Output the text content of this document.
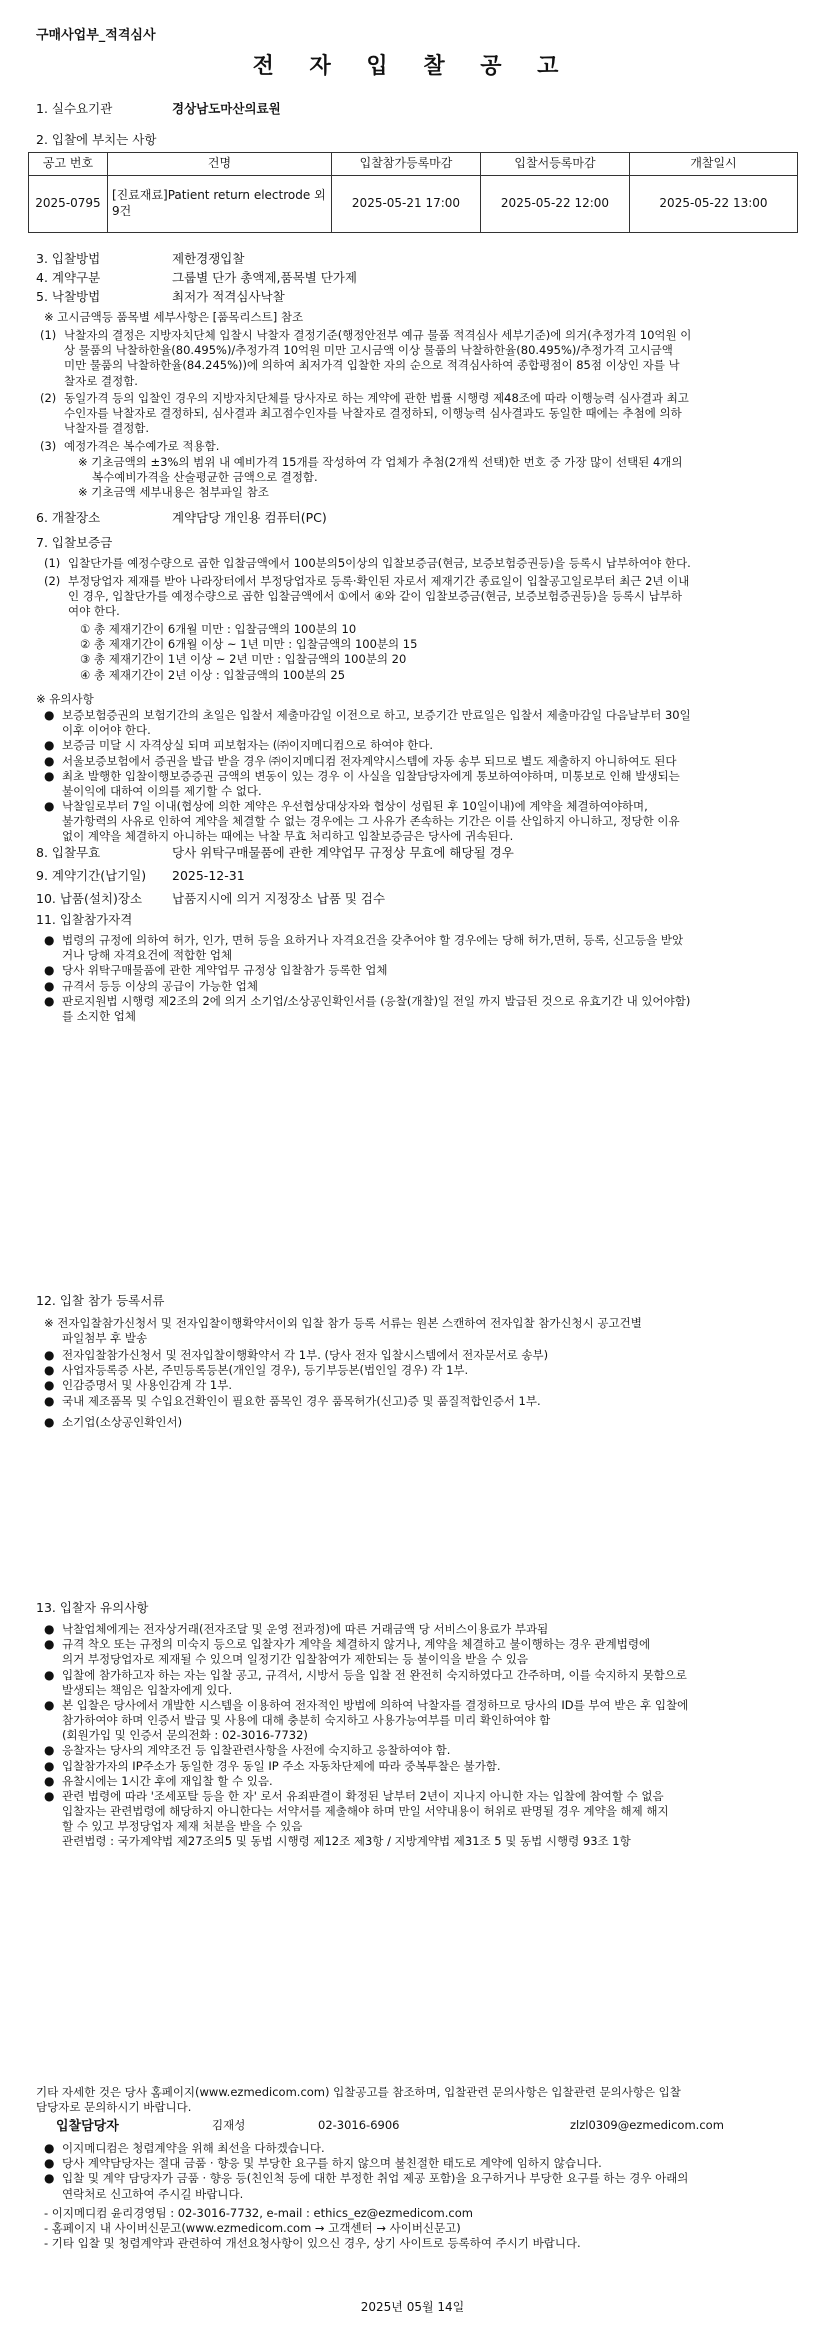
구매사업부_적격심사
전 자 입 찰 공 고
1. 실수요기관	경상남도마산의료원
2. 입찰에 부치는 사항
공고 번호	건명	입찰참가등록마감	입찰서등록마감	개찰일시
2025-0795	[진료재료]Patient return electrode 외 9건	2025-05-21 17:00	2025-05-22 12:00	2025-05-22 13:00
3. 입찰방법	제한경쟁입찰
4. 계약구분	그룹별 단가 총액제,품목별 단가제
5. 낙찰방법	최저가 적격심사낙찰
※ 고시금액등 품목별 세부사항은 [품목리스트] 참조
(1) 낙찰자의 결정은 지방자치단체 입찰시 낙찰자 결정기준(행정안전부 예규 물품 적격심사 세부기준)에 의거(추정가격 10억원 이
상 물품의 낙찰하한율(80.495%)/추정가격 10억원 미만 고시금액 이상 물품의 낙찰하한율(80.495%)/추정가격 고시금액
미만 물품의 낙찰하한율(84.245%))에 의하여 최저가격 입찰한 자의 순으로 적격심사하여 종합평점이 85점 이상인 자를 낙
찰자로 결정함.
(2) 동일가격 등의 입찰인 경우의 지방자치단체를 당사자로 하는 계약에 관한 법률 시행령 제48조에 따라 이행능력 심사결과 최고
수인자를 낙찰자로 결정하되, 심사결과 최고점수인자를 낙찰자로 결정하되, 이행능력 심사결과도 동일한 때에는 추첨에 의하
낙찰자를 결정함.
(3) 예정가격은 복수예가로 적용함.
※ 기초금액의 ±3%의 범위 내 예비가격 15개를 작성하여 각 업체가 추첨(2개씩 선택)한 번호 중 가장 많이 선택된 4개의
복수예비가격을 산술평균한 금액으로 결정함.
※ 기초금액 세부내용은 첨부파일 참조
6. 개찰장소	계약담당 개인용 컴퓨터(PC)
7. 입찰보증금
(1) 입찰단가를 예정수량으로 곱한 입찰금액에서 100분의5이상의 입찰보증금(현금, 보증보험증권등)을 등록시 납부하여야 한다.
(2) 부정당업자 제재를 받아 나라장터에서 부정당업자로 등록·확인된 자로서 제재기간 종료일이 입찰공고일로부터 최근 2년 이내
인 경우, 입찰단가를 예정수량으로 곱한 입찰금액에서 ①에서 ④와 같이 입찰보증금(현금, 보증보험증권등)을 등록시 납부하
여야 한다.
① 총 제재기간이 6개월 미만 : 입찰금액의 100분의 10
② 총 제재기간이 6개월 이상 ~ 1년 미만 : 입찰금액의 100분의 15
③ 총 제재기간이 1년 이상 ~ 2년 미만 : 입찰금액의 100분의 20
④ 총 제재기간이 2년 이상 : 입찰금액의 100분의 25
※ 유의사항
● 보증보험증권의 보험기간의 초일은 입찰서 제출마감일 이전으로 하고, 보증기간 만료일은 입찰서 제출마감일 다음날부터 30일
이후 이어야 한다.
● 보증금 미달 시 자격상실 되며 피보험자는 (㈜이지메디컴으로 하여야 한다.
● 서울보증보험에서 증권을 발급 받을 경우 ㈜이지메디컴 전자계약시스템에 자동 송부 되므로 별도 제출하지 아니하여도 된다
● 최초 발행한 입찰이행보증증권 금액의 변동이 있는 경우 이 사실을 입찰담당자에게 통보하여야하며, 미통보로 인해 발생되는
불이익에 대하여 이의를 제기할 수 없다.
● 낙찰일로부터 7일 이내(협상에 의한 계약은 우선협상대상자와 협상이 성립된 후 10일이내)에 계약을 체결하여야하며,
불가항력의 사유로 인하여 계약을 체결할 수 없는 경우에는 그 사유가 존속하는 기간은 이를 산입하지 아니하고, 정당한 이유
없이 계약을 체결하지 아니하는 때에는 낙찰 무효 처리하고 입찰보증금은 당사에 귀속된다.
8. 입찰무효	당사 위탁구매물품에 관한 계약업무 규정상 무효에 해당될 경우
9. 계약기간(납기일) 2025-12-31
10. 납품(설치)장소 납품지시에 의거 지정장소 납품 및 검수
11. 입찰참가자격
● 법령의 규정에 의하여 허가, 인가, 면허 등을 요하거나 자격요건을 갖추어야 할 경우에는 당해 허가,면허, 등록, 신고등을 받았
거나 당해 자격요건에 적합한 업체
● 당사 위탁구매물품에 관한 계약업무 규정상 입찰참가 등록한 업체
● 규격서 등등 이상의 공급이 가능한 업체
● 판로지원법 시행령 제2조의 2에 의거 소기업/소상공인확인서를 (응찰(개찰)일 전일 까지 발급된 것으로 유효기간 내 있어야함)
를 소지한 업체
12. 입찰 참가 등록서류
※ 전자입찰참가신청서 및 전자입찰이행확약서이외 입찰 참가 등록 서류는 원본 스캔하여 전자입찰 참가신청시 공고건별
파일첨부 후 발송
● 전자입찰참가신청서 및 전자입찰이행확약서 각 1부. (당사 전자 입찰시스템에서 전자문서로 송부)
● 사업자등록증 사본, 주민등록등본(개인일 경우), 등기부등본(법인일 경우) 각 1부.
● 인감증명서 및 사용인감계 각 1부.
● 국내 제조품목 및 수입요건확인이 필요한 품목인 경우 품목허가(신고)증 및 품질적합인증서 1부.
● 소기업(소상공인확인서)
13. 입찰자 유의사항
● 낙찰업체에게는 전자상거래(전자조달 및 운영 전과정)에 따른 거래금액 당 서비스이용료가 부과됨
● 규격 착오 또는 규정의 미숙지 등으로 입찰자가 계약을 체결하지 않거나, 계약을 체결하고 불이행하는 경우 관계법령에
의거 부정당업자로 제재될 수 있으며 일정기간 입찰참여가 제한되는 등 불이익을 받을 수 있음
● 입찰에 참가하고자 하는 자는 입찰 공고, 규격서, 시방서 등을 입찰 전 완전히 숙지하였다고 간주하며, 이를 숙지하지 못함으로
발생되는 책임은 입찰자에게 있다.
● 본 입찰은 당사에서 개발한 시스템을 이용하여 전자적인 방법에 의하여 낙찰자를 결정하므로 당사의 ID를 부여 받은 후 입찰에
참가하여야 하며 인증서 발급 및 사용에 대해 충분히 숙지하고 사용가능여부를 미리 확인하여야 함
(회원가입 및 인증서 문의전화 : 02-3016-7732)
● 응찰자는 당사의 계약조건 등 입찰관련사항을 사전에 숙지하고 응찰하여야 함.
● 입찰참가자의 IP주소가 동일한 경우 동일 IP 주소 자동차단제에 따라 중복투찰은 불가함.
● 유찰시에는 1시간 후에 재입찰 할 수 있음.
● 관련 법령에 따라 '조세포탈 등을 한 자' 로서 유죄판결이 확정된 날부터 2년이 지나지 아니한 자는 입찰에 참여할 수 없음
입찰자는 관련법령에 해당하지 아니한다는 서약서를 제출해야 하며 만일 서약내용이 허위로 판명될 경우 계약을 해제 해지
할 수 있고 부정당업자 제재 처분을 받을 수 있음
관련법령 : 국가계약법 제27조의5 및 동법 시행령 제12조 제3항 / 지방계약법 제31조 5 및 동법 시행령 93조 1항
기타 자세한 것은 당사 홈페이지(www.ezmedicom.com) 입찰공고를 참조하며, 입찰관련 문의사항은 입찰관련 문의사항은 입찰
담당자로 문의하시기 바랍니다.
입찰담당자	김재성	02-3016-6906	zlzl0309@ezmedicom.com
● 이지메디컴은 청렴계약을 위해 최선을 다하겠습니다.
● 당사 계약담당자는 절대 금품 · 향응 및 부당한 요구를 하지 않으며 불친절한 태도로 계약에 임하지 않습니다.
● 입찰 및 계약 담당자가 금품 · 향응 등(친인척 등에 대한 부정한 취업 제공 포함)을 요구하거나 부당한 요구를 하는 경우 아래의
연락처로 신고하여 주시길 바랍니다.
- 이지메디컴 윤리경영팀 : 02-3016-7732, e-mail : ethics_ez@ezmedicom.com
- 홈페이지 내 사이버신문고(www.ezmedicom.com → 고객센터 → 사이버신문고)
- 기타 입찰 및 청렴계약과 관련하여 개선요청사항이 있으신 경우, 상기 사이트로 등록하여 주시기 바랍니다.
2025년 05월 14일
